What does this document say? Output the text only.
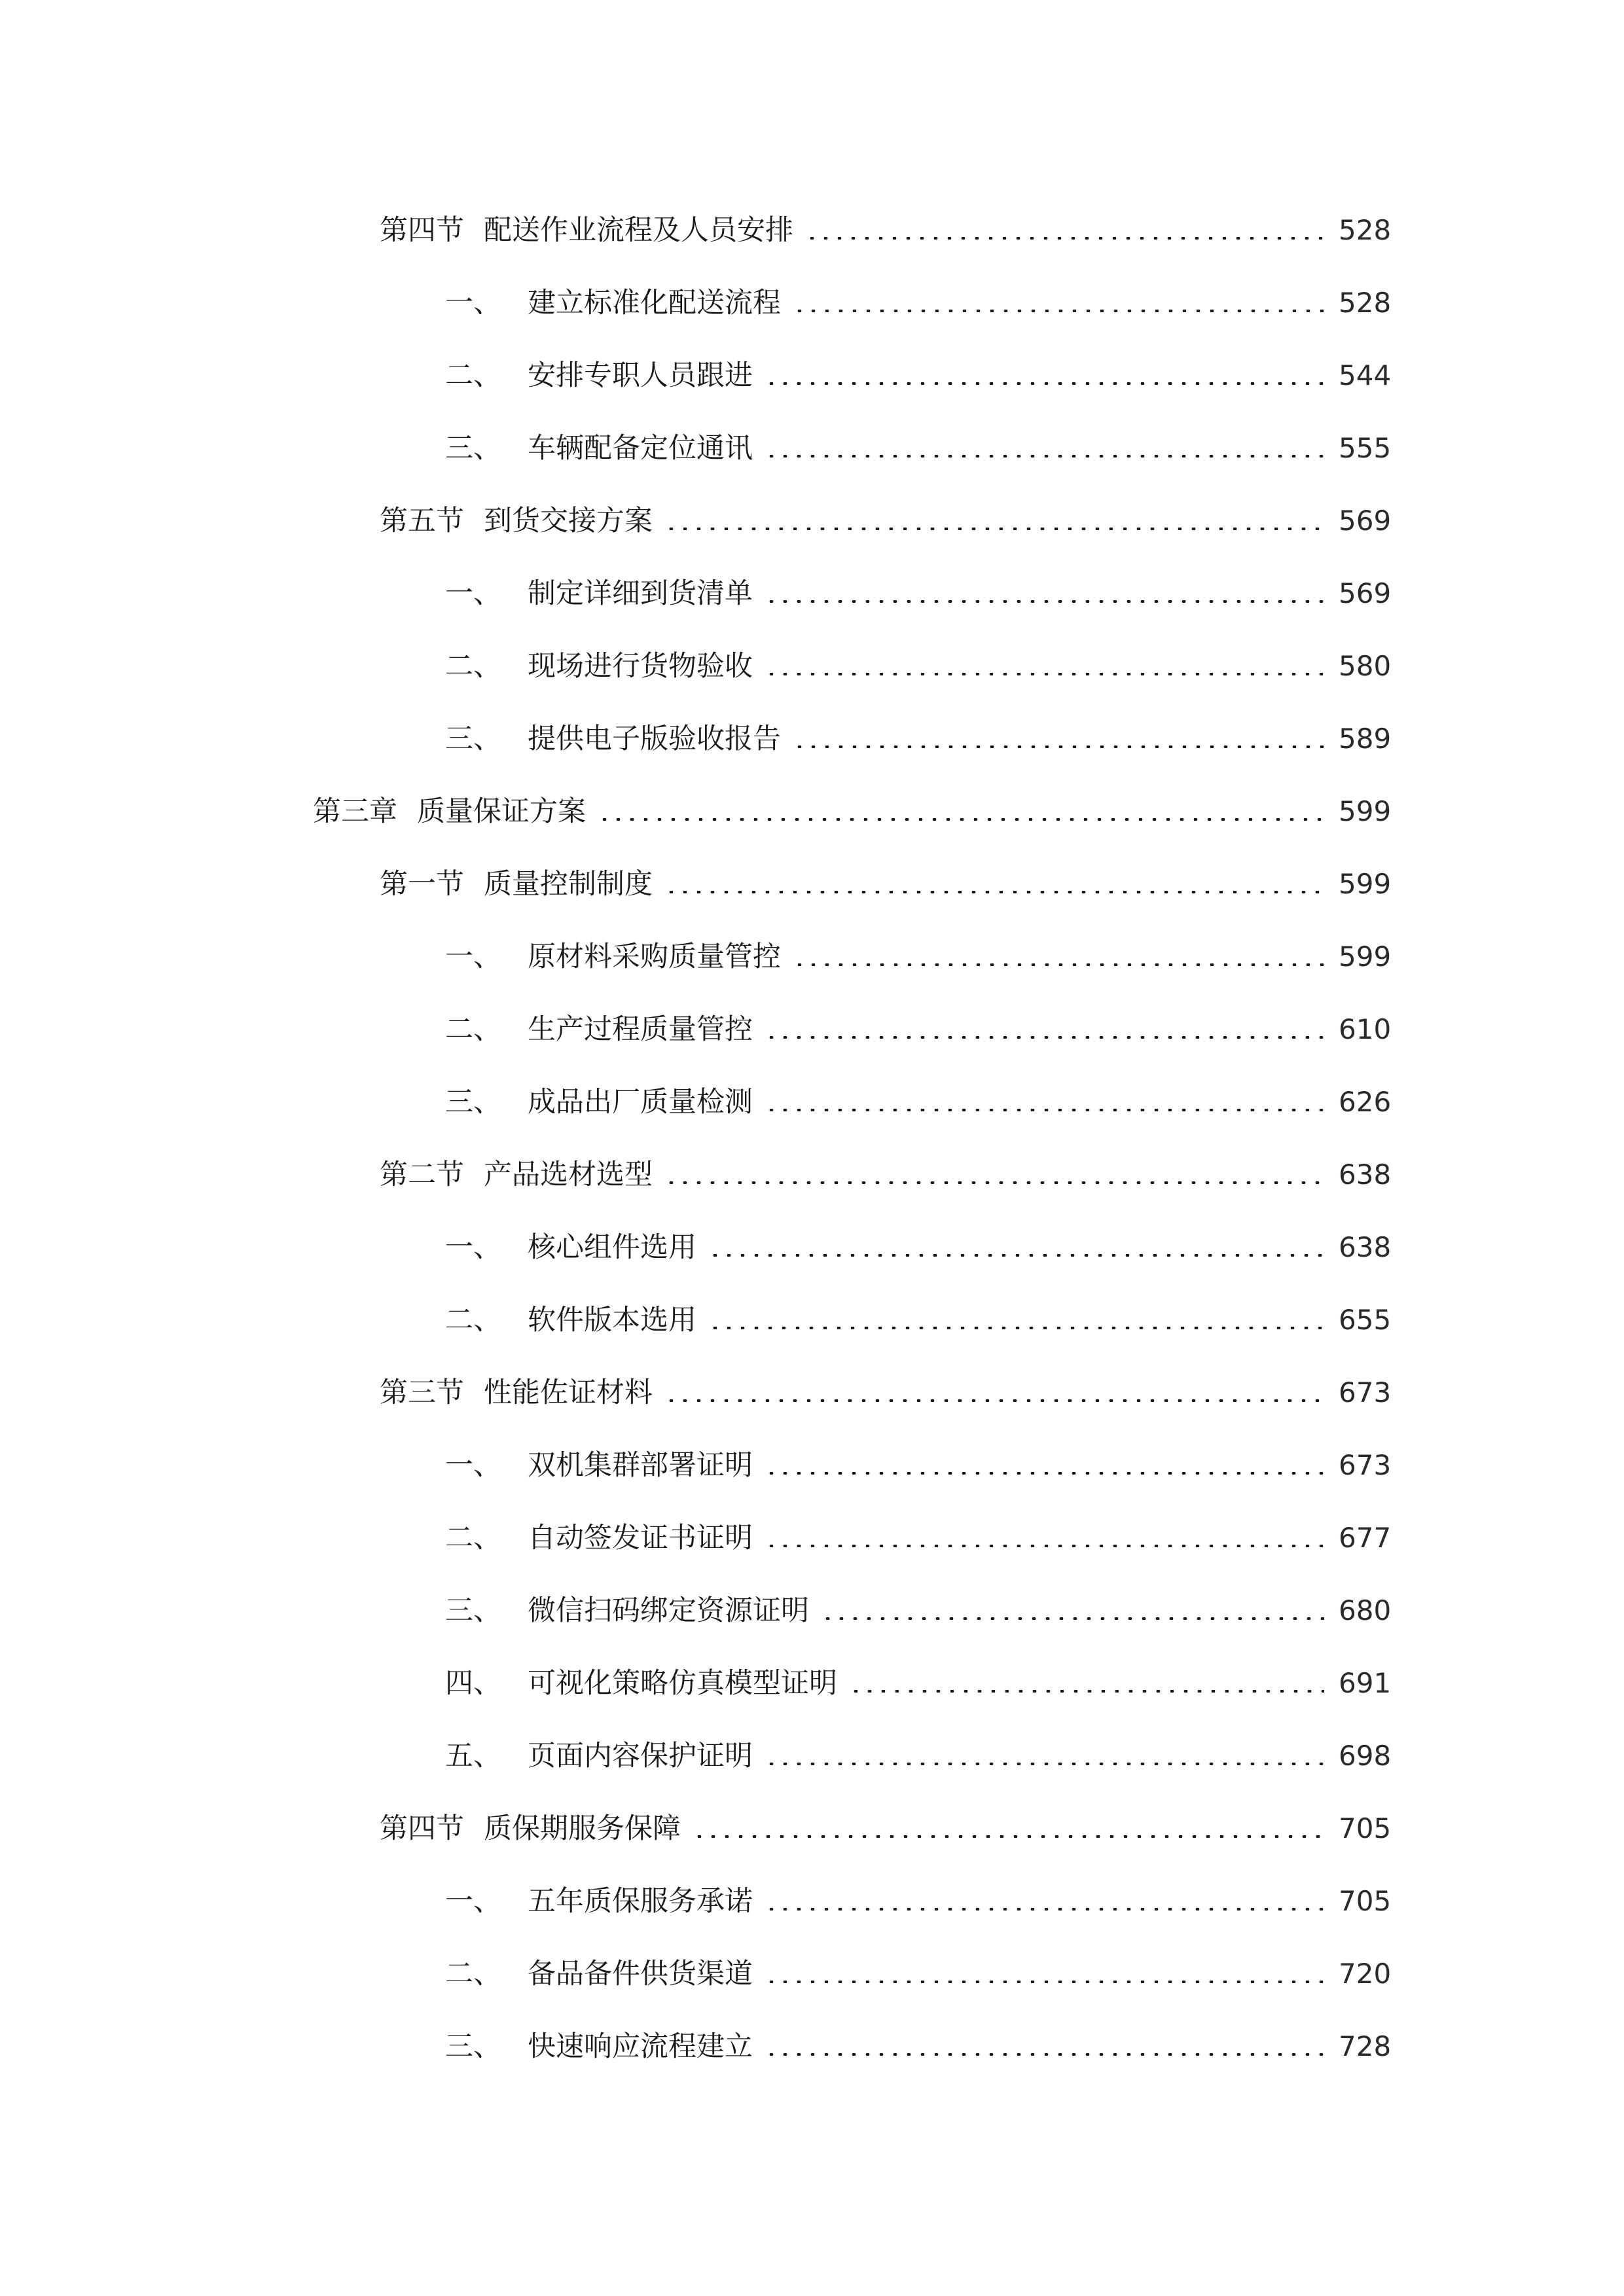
第四节 配送作业流程及人员安排	528
一、 建立标准化配送流程	528
二、 安排专职人员跟进	544
三、 车辆配备定位通讯	555
第五节 到货交接方案	569
一、 制定详细到货清单	569
二、 现场进行货物验收	580
三、 提供电子版验收报告	589
第三章 质量保证方案	599
第一节 质量控制制度	599
一、 原材料采购质量管控	599
二、 生产过程质量管控	610
三、 成品出厂质量检测	626
第二节 产品选材选型	638
一、 核心组件选用	638
二、 软件版本选用	655
第三节 性能佐证材料	673
一、 双机集群部署证明	673
二、 自动签发证书证明	677
三、 微信扫码绑定资源证明	680
四、 可视化策略仿真模型证明	691
五、 页面内容保护证明	698
第四节 质保期服务保障	705
一、 五年质保服务承诺	705
二、 备品备件供货渠道	720
三、 快速响应流程建立	728
